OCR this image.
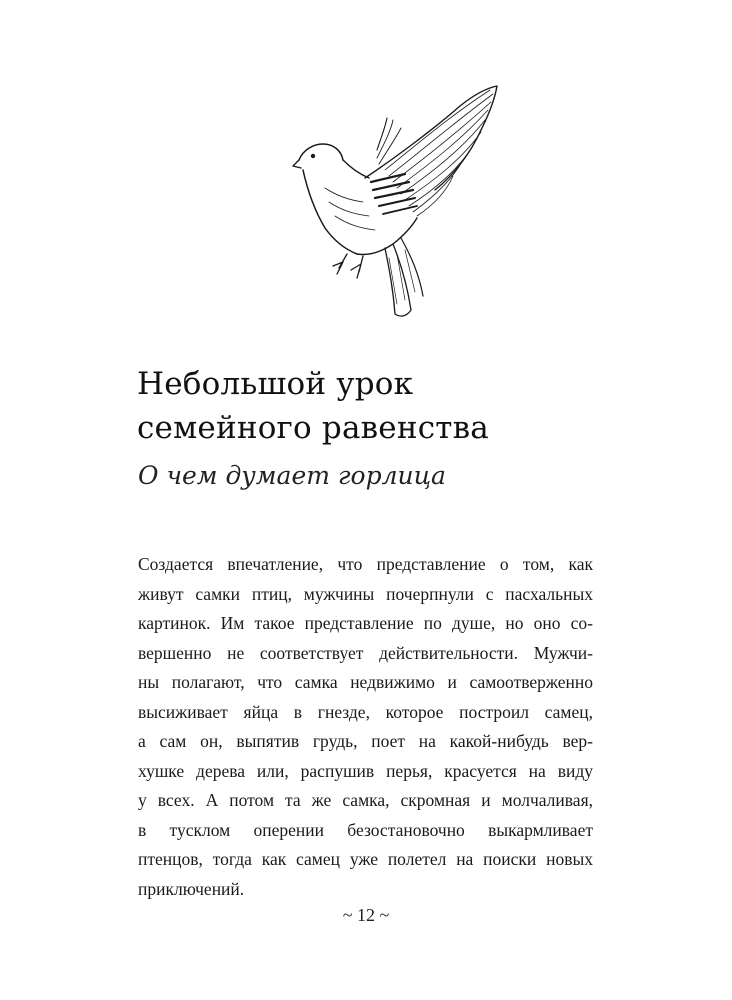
Небольшой урок
семейного равенства

О чем думает горлица

Создается впечатление, что представление о том, как
живут самки птиц, мужчины почерпнули с пасхальных
картинок. Им такое представление по душе, но оно со-
вершенно не соответствует действительности. Мужчи-
ны полагают, что самка недвижимо и самоотверженно
высиживает яйца в гнезде, которое построил самец,
а сам он, выпятив грудь, поет на какой-нибудь вер-
хушке дерева или, распушив перья, красуется на виду
у всех. А потом та же самка, скромная и молчаливая,
в тусклом оперении безостановочно выкармливает
птенцов, тогда как самец уже полетел на поиски новых
приключений.
~ 12 ~
